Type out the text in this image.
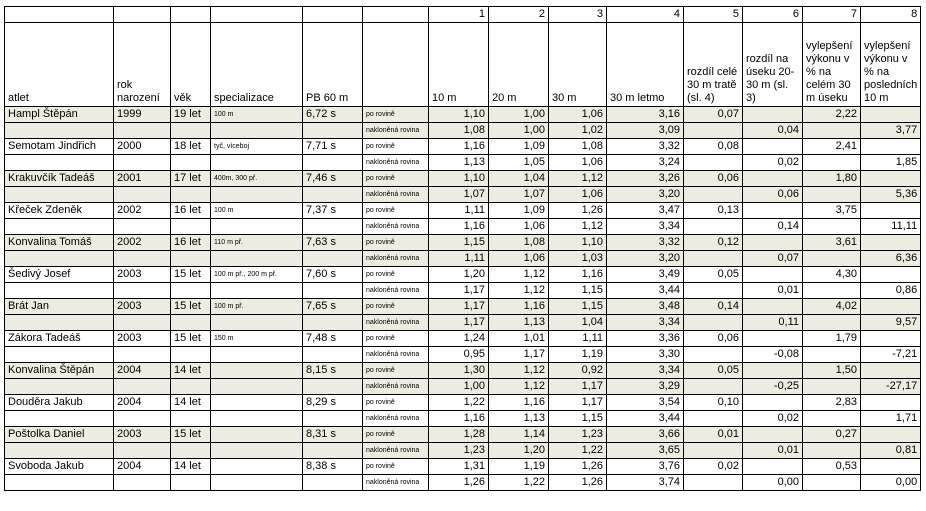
						1	2	3	4	5	6	7	8
atlet	rok narození	věk	specializace	PB 60 m		10 m	20 m	30 m	30 m letmo	rozdíl celé 30 m tratě (sl. 4)	rozdíl na úseku 20-30 m (sl. 3)	vylepšení výkonu v % na celém 30 m úseku	vylepšení výkonu v % na posledních 10 m
Hampl Štěpán	1999	19 let	100 m	6,72 s	po rovině	1,10	1,00	1,06	3,16	0,07		2,22	
					nakloněná rovina	1,08	1,00	1,02	3,09		0,04		3,77
Semotam Jindřich	2000	18 let	tyč, víceboj	7,71 s	po rovině	1,16	1,09	1,08	3,32	0,08		2,41	
					nakloněná rovina	1,13	1,05	1,06	3,24		0,02		1,85
Krakuvčík Tadeáš	2001	17 let	400m, 300 př.	7,46 s	po rovině	1,10	1,04	1,12	3,26	0,06		1,80	
					nakloněná rovina	1,07	1,07	1,06	3,20		0,06		5,36
Křeček Zdeněk	2002	16 let	100 m	7,37 s	po rovině	1,11	1,09	1,26	3,47	0,13		3,75	
					nakloněná rovina	1,16	1,06	1,12	3,34		0,14		11,11
Konvalina Tomáš	2002	16 let	110 m př.	7,63 s	po rovině	1,15	1,08	1,10	3,32	0,12		3,61	
					nakloněná rovina	1,11	1,06	1,03	3,20		0,07		6,36
Šedivý Josef	2003	15 let	100 m př., 200 m př.	7,60 s	po rovině	1,20	1,12	1,16	3,49	0,05		4,30	
					nakloněná rovina	1,17	1,12	1,15	3,44		0,01		0,86
Brát Jan	2003	15 let	100 m př.	7,65 s	po rovině	1,17	1,16	1,15	3,48	0,14		4,02	
					nakloněná rovina	1,17	1,13	1,04	3,34		0,11		9,57
Zákora Tadeáš	2003	15 let	150 m	7,48 s	po rovině	1,24	1,01	1,11	3,36	0,06		1,79	
					nakloněná rovina	0,95	1,17	1,19	3,30		-0,08		-7,21
Konvalina Štěpán	2004	14 let		8,15 s	po rovině	1,30	1,12	0,92	3,34	0,05		1,50	
					nakloněná rovina	1,00	1,12	1,17	3,29		-0,25		-27,17
Douděra Jakub	2004	14 let		8,29 s	po rovině	1,22	1,16	1,17	3,54	0,10		2,83	
					nakloněná rovina	1,16	1,13	1,15	3,44		0,02		1,71
Poštolka Daniel	2003	15 let		8,31 s	po rovině	1,28	1,14	1,23	3,66	0,01		0,27	
					nakloněná rovina	1,23	1,20	1,22	3,65		0,01		0,81
Svoboda Jakub	2004	14 let		8,38 s	po rovině	1,31	1,19	1,26	3,76	0,02		0,53	
					nakloněná rovina	1,26	1,22	1,26	3,74		0,00		0,00
